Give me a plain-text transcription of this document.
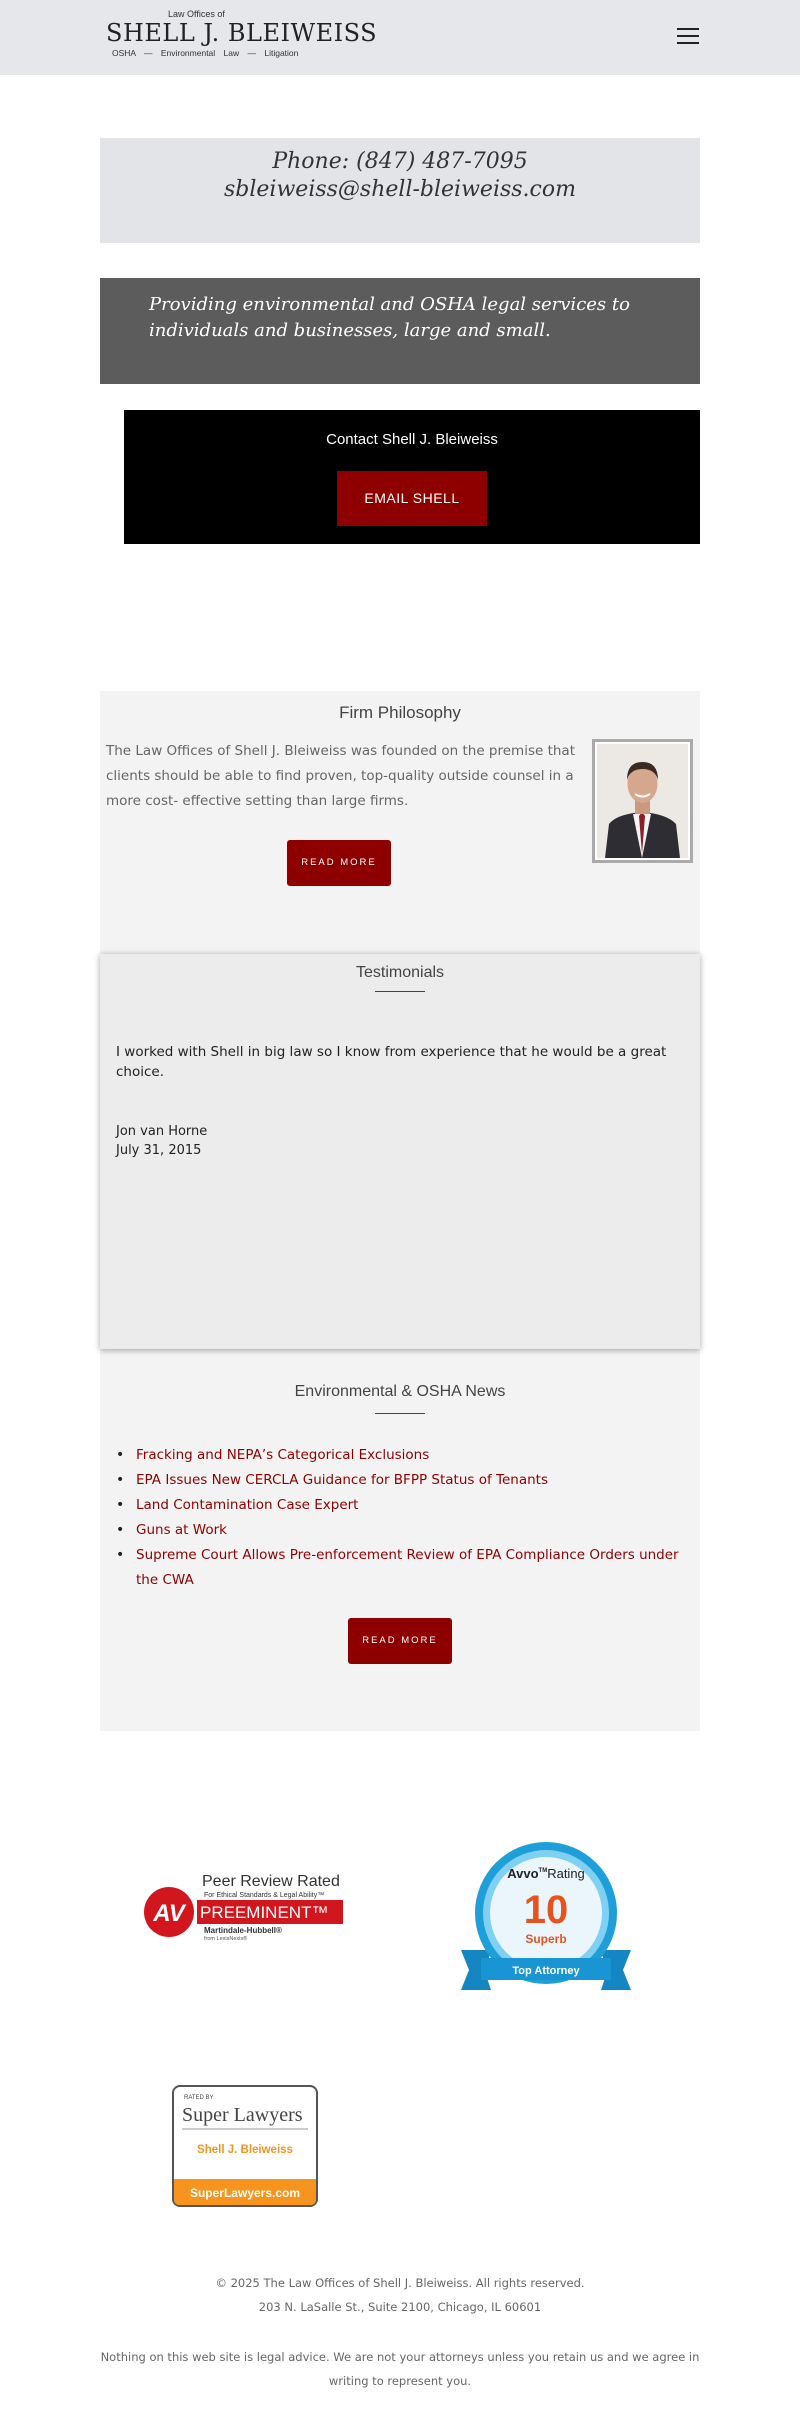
Law Offices of
SHELL J. BLEIWEISS
OSHA — Environmental Law — Litigation
Phone: (847) 487-7095
sbleiweiss@shell-bleiweiss.com
Providing environmental and OSHA legal services to individuals and businesses, large and small.
Contact Shell J. Bleiweiss
EMAIL SHELL
Firm Philosophy
The Law Offices of Shell J. Bleiweiss was founded on the premise that clients should be able to find proven, top-quality outside counsel in a more cost- effective setting than large firms.
READ MORE
Environmental & OSHA News
• Fracking and NEPA’s Categorical Exclusions
• EPA Issues New CERCLA Guidance for BFPP Status of Tenants
• Land Contamination Case Expert
• Guns at Work
• Supreme Court Allows Pre-enforcement Review of EPA Compliance Orders under the CWA
READ MORE
Testimonials
I worked with Shell in big law so I know from experience that he would be a great choice.
Jon van Horne
July 31, 2015
AV
Peer Review Rated
For Ethical Standards & Legal Ability™
PREEMINENT™
Martindale-Hubbell®
from LexisNexis®
Avvo™Rating
10
Superb
Top Attorney
RATED BY
Super Lawyers
Shell J. Bleiweiss
SuperLawyers.com
© 2025 The Law Offices of Shell J. Bleiweiss. All rights reserved.
203 N. LaSalle St., Suite 2100, Chicago, IL 60601
Nothing on this web site is legal advice. We are not your attorneys unless you retain us and we agree in
writing to represent you.
